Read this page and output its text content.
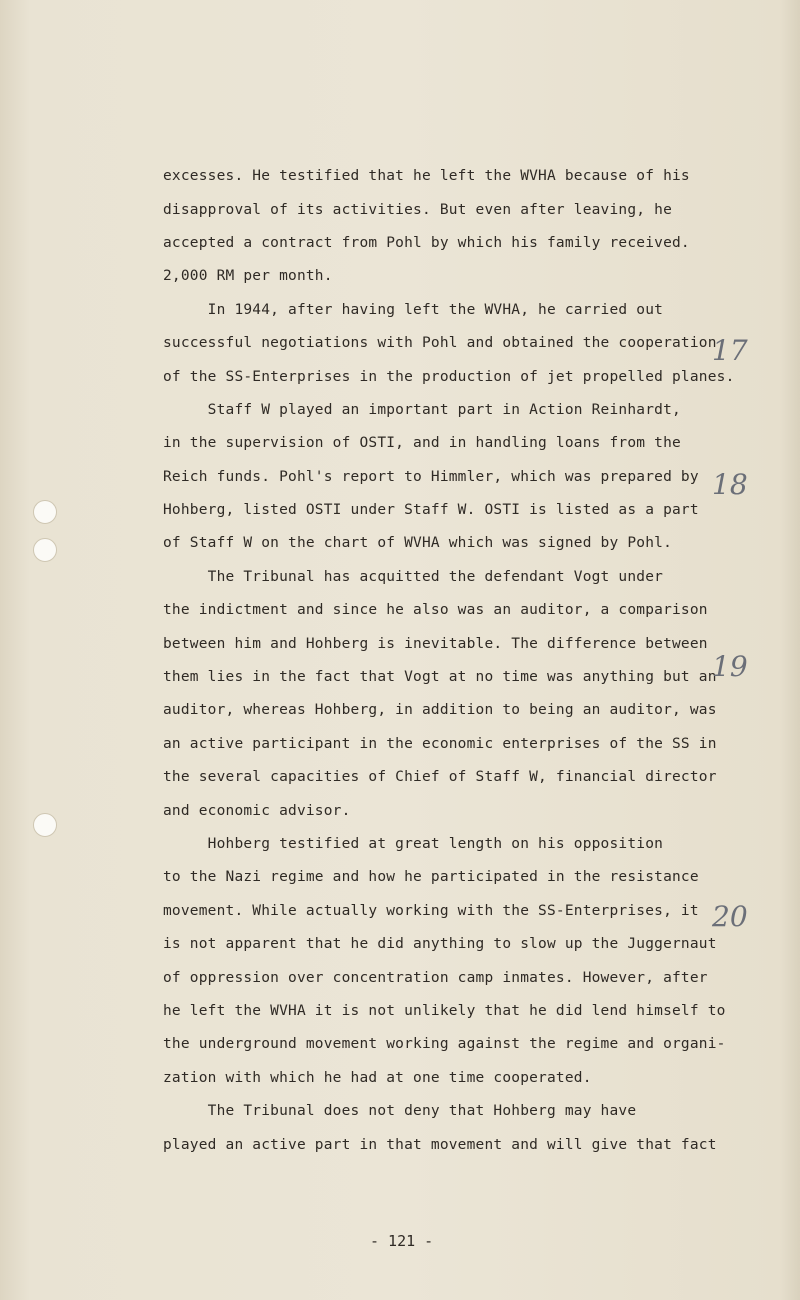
excesses. He testified that he left the WVHA because of his
disapproval of its activities. But even after leaving, he
accepted a contract from Pohl by which his family received.
2,000 RM per month.
In 1944, after having left the WVHA, he carried out
successful negotiations with Pohl and obtained the cooperation
of the SS-Enterprises in the production of jet propelled planes.
Staff W played an important part in Action Reinhardt,
in the supervision of OSTI, and in handling loans from the
Reich funds. Pohl's report to Himmler, which was prepared by
Hohberg, listed OSTI under Staff W. OSTI is listed as a part
of Staff W on the chart of WVHA which was signed by Pohl.
The Tribunal has acquitted the defendant Vogt under
the indictment and since he also was an auditor, a comparison
between him and Hohberg is inevitable. The difference between
them lies in the fact that Vogt at no time was anything but an
auditor, whereas Hohberg, in addition to being an auditor, was
an active participant in the economic enterprises of the SS in
the several capacities of Chief of Staff W, financial director
and economic advisor.
Hohberg testified at great length on his opposition
to the Nazi regime and how he participated in the resistance
movement. While actually working with the SS-Enterprises, it
is not apparent that he did anything to slow up the Juggernaut
of oppression over concentration camp inmates. However, after
he left the WVHA it is not unlikely that he did lend himself to
the underground movement working against the regime and organi-
zation with which he had at one time cooperated.
The Tribunal does not deny that Hohberg may have
played an active part in that movement and will give that fact
17
18
19
20
- 121 -
